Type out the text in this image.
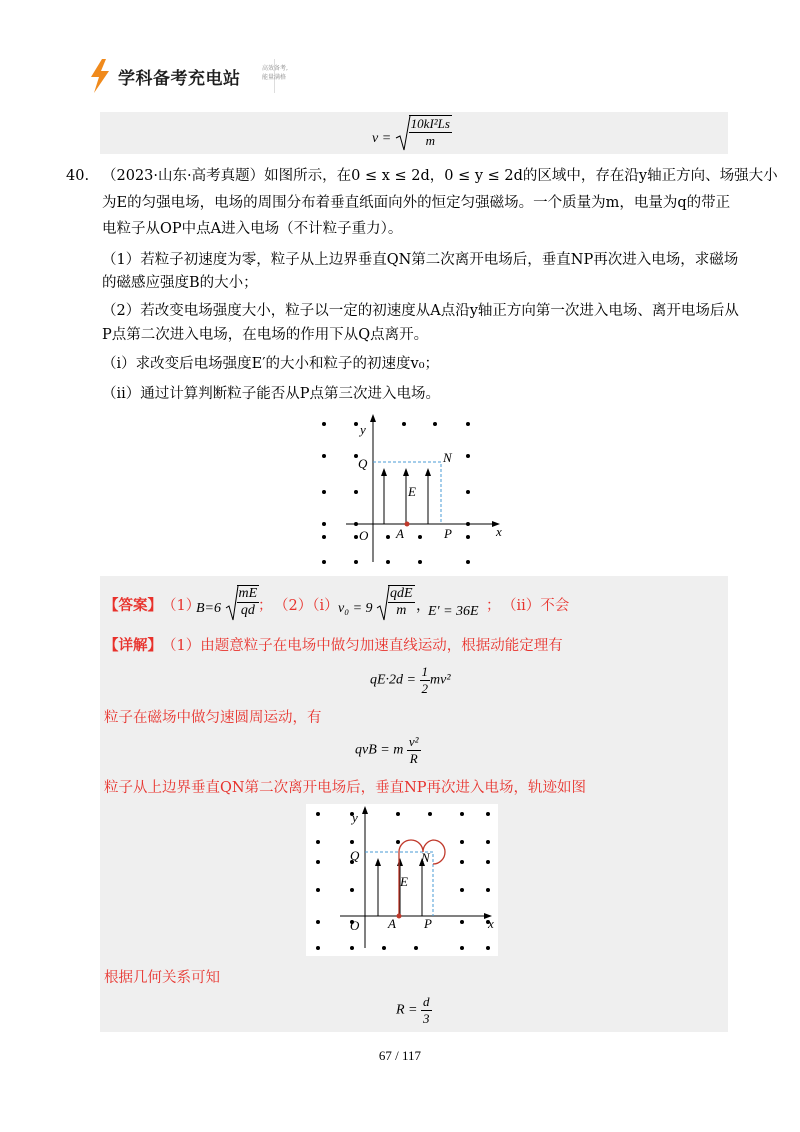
学科备考充电站
高效备考,
能量满格
$v = \frac{\text{10kI²Ls}}{m}$
40. （2023·山东·高考真题）如图所示，在0 ≤ x ≤ 2d，0 ≤ y ≤ 2d的区域中，存在沿y轴正方向、场强大小
为E的匀强电场，电场的周围分布着垂直纸面向外的恒定匀强磁场。一个质量为m，电量为q的带正
电粒子从OP中点A进入电场（不计粒子重力）。
（1）若粒子初速度为零，粒子从上边界垂直QN第二次离开电场后，垂直NP再次进入电场，求磁场
的磁感应强度B的大小；
（2）若改变电场强度大小，粒子以一定的初速度从A点沿y轴正方向第一次进入电场、离开电场后从
P点第二次进入电场，在电场的作用下从Q点离开。
（i）求改变后电场强度E′的大小和粒子的初速度v₀；
（ii）通过计算判断粒子能否从P点第三次进入电场。
y
Q	N
E
O A	P	x
【答案】 （1）
$B=6 \frac{mE}{qd}$
； （2）（i） $v_0 = 9 \frac{\text{qdE}}{m}$ ，
E′ = 36E ； （ii）不会
【详解】 （1）由题意粒子在电场中做匀加速直线运动，根据动能定理有
$qE\cdot 2d = \frac{1}{2} mv^2$
粒子在磁场中做匀速圆周运动，有
qvB = m $\frac{\text{v²}}{R}$
粒子从上边界垂直QN第二次离开电场后，垂直NP再次进入电场，轨迹如图
y
Q	N
E
O A P	x
根据几何关系可知
$R = \frac{d}{3}$
67 / 117
